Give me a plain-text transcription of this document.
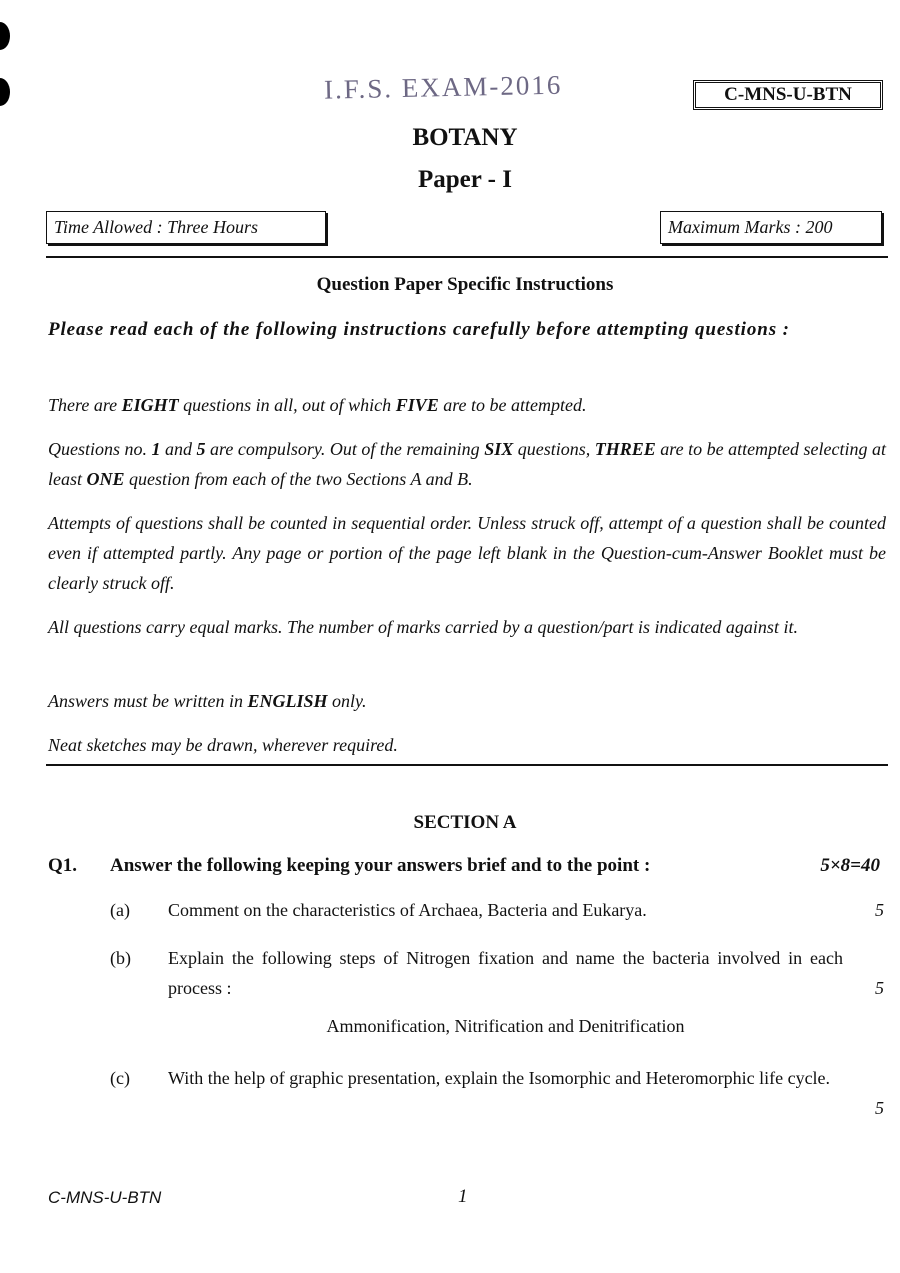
I.F.S. EXAM-2016	C-MNS-U-BTN
BOTANY
Paper - I
Time Allowed : Three Hours	Maximum Marks : 200
Question Paper Specific Instructions
Please read each of the following instructions carefully before attempting questions :
There are EIGHT questions in all, out of which FIVE are to be attempted.
Questions no. 1 and 5 are compulsory. Out of the remaining SIX questions, THREE are to be attempted selecting at least ONE question from each of the two Sections A and B.
Attempts of questions shall be counted in sequential order. Unless struck off, attempt of a question shall be counted even if attempted partly. Any page or portion of the page left blank in the Question-cum-Answer Booklet must be clearly struck off.
All questions carry equal marks. The number of marks carried by a question/part is indicated against it.
Answers must be written in ENGLISH only.
Neat sketches may be drawn, wherever required.
SECTION A
Q1. Answer the following keeping your answers brief and to the point :	5×8=40
(a) Comment on the characteristics of Archaea, Bacteria and Eukarya.	5
(b) Explain the following steps of Nitrogen fixation and name the bacteria involved in each process :	5
Ammonification, Nitrification and Denitrification
(c) With the help of graphic presentation, explain the Isomorphic and Heteromorphic life cycle.
5
C-MNS-U-BTN	1
